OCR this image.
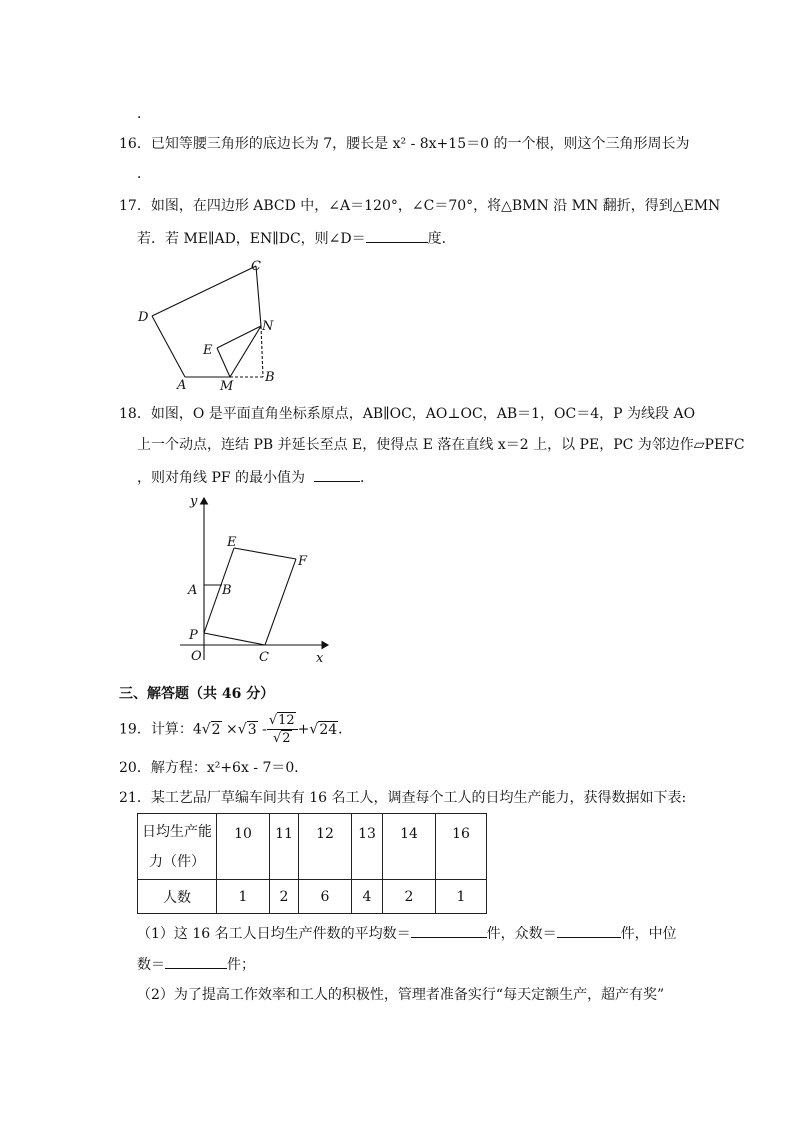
．
16．已知等腰三角形的底边长为 7，腰长是 x² - 8x+15＝0 的一个根，则这个三角形周长为
．
17．如图，在四边形 ABCD 中，∠A＝120°，∠C＝70°，将△BMN 沿 MN 翻折，得到△EMN
若．若 ME∥AD，EN∥DC，则∠D＝	度．
D
C
N
E
A	M
B
18．如图，O 是平面直角坐标系原点，AB∥OC，AO⊥OC，AB＝1，OC＝4，P 为线段 AO
上一个动点，连结 PB 并延长至点 E，使得点 E 落在直线 x＝2 上，以 PE，PC 为邻边作▱PEFC
，则对角线 PF 的最小值为	．
y
x
O
A B
E
F
P
C
三、解答题（共 46 分）
19．计算：$4√2 \times√3 - \frac{√12}{√2} +√24$．
20．解方程：x²+6x - 7＝0．
21．某工艺品厂草编车间共有 16 名工人，调查每个工人的日均生产能力，获得数据如下表:
日均生产能
力（件）	10	11	12	13	14	16
人数	1	2	6	4	2	1
（1）这 16 名工人日均生产件数的平均数＝	件，众数＝	件，中位
数＝	件；
（2）为了提高工作效率和工人的积极性，管理者准备实行“每天定额生产，超产有奖”
